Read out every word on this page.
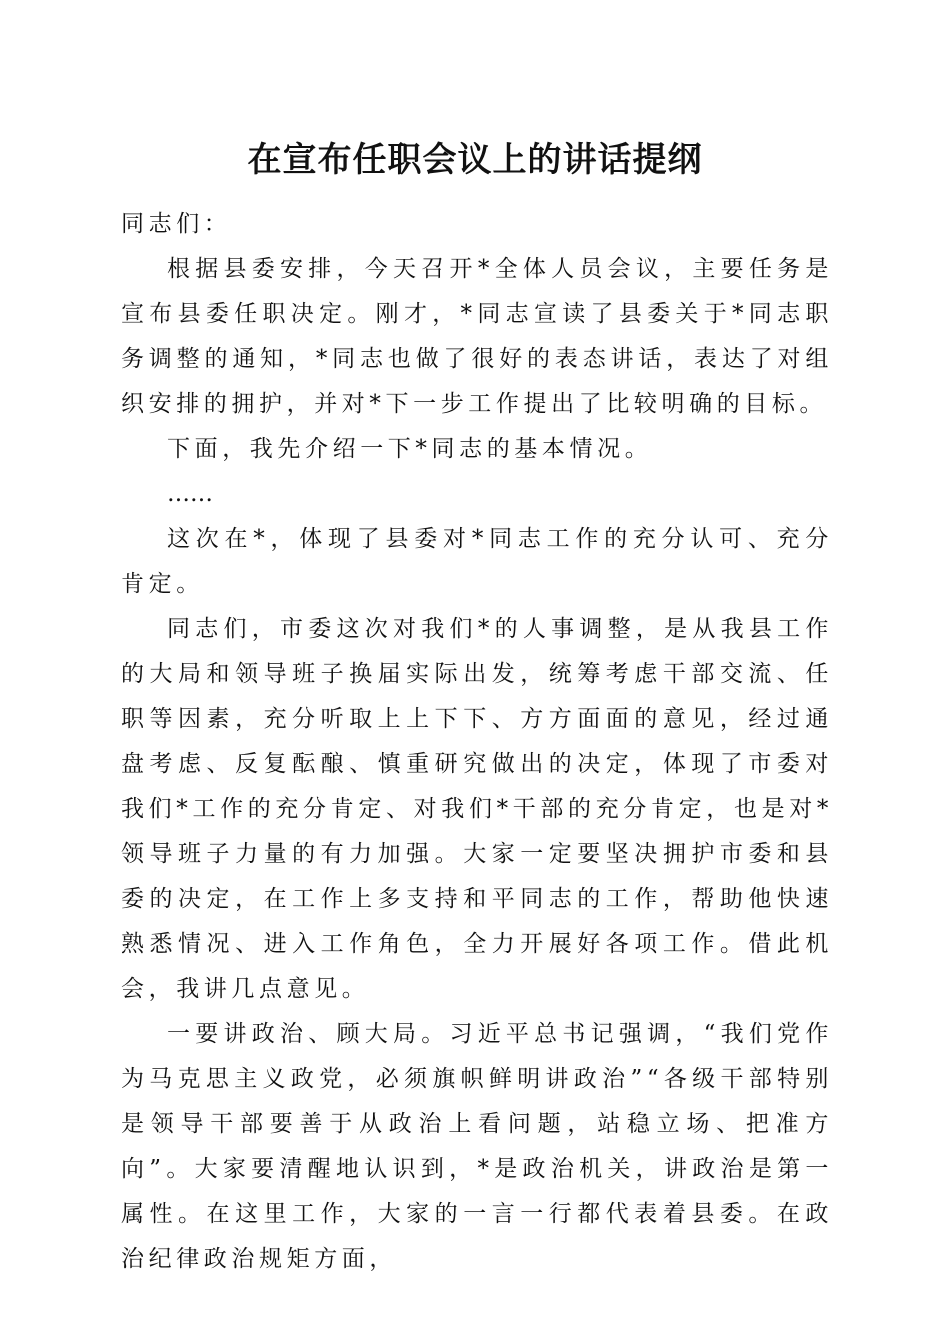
在宣布任职会议上的讲话提纲

同志们：

根据县委安排，今天召开*全体人员会议，主要任务是宣布县委任职决定。刚才，*同志宣读了县委关于*同志职务调整的通知，*同志也做了很好的表态讲话，表达了对组织安排的拥护，并对*下一步工作提出了比较明确的目标。

下面，我先介绍一下*同志的基本情况。

……

这次在*，体现了县委对*同志工作的充分认可、充分肯定。

同志们，市委这次对我们*的人事调整，是从我县工作的大局和领导班子换届实际出发，统筹考虑干部交流、任职等因素，充分听取上上下下、方方面面的意见，经过通盘考虑、反复酝酿、慎重研究做出的决定，体现了市委对我们*工作的充分肯定、对我们*干部的充分肯定，也是对*领导班子力量的有力加强。大家一定要坚决拥护市委和县委的决定，在工作上多支持和平同志的工作，帮助他快速熟悉情况、进入工作角色，全力开展好各项工作。借此机会，我讲几点意见。

一要讲政治、顾大局。习近平总书记强调，“我们党作为马克思主义政党，必须旗帜鲜明讲政治”“各级干部特别是领导干部要善于从政治上看问题，站稳立场、把准方向”。大家要清醒地认识到，*是政治机关，讲政治是第一属性。在这里工作，大家的一言一行都代表着县委。在政治纪律政治规矩方面，
